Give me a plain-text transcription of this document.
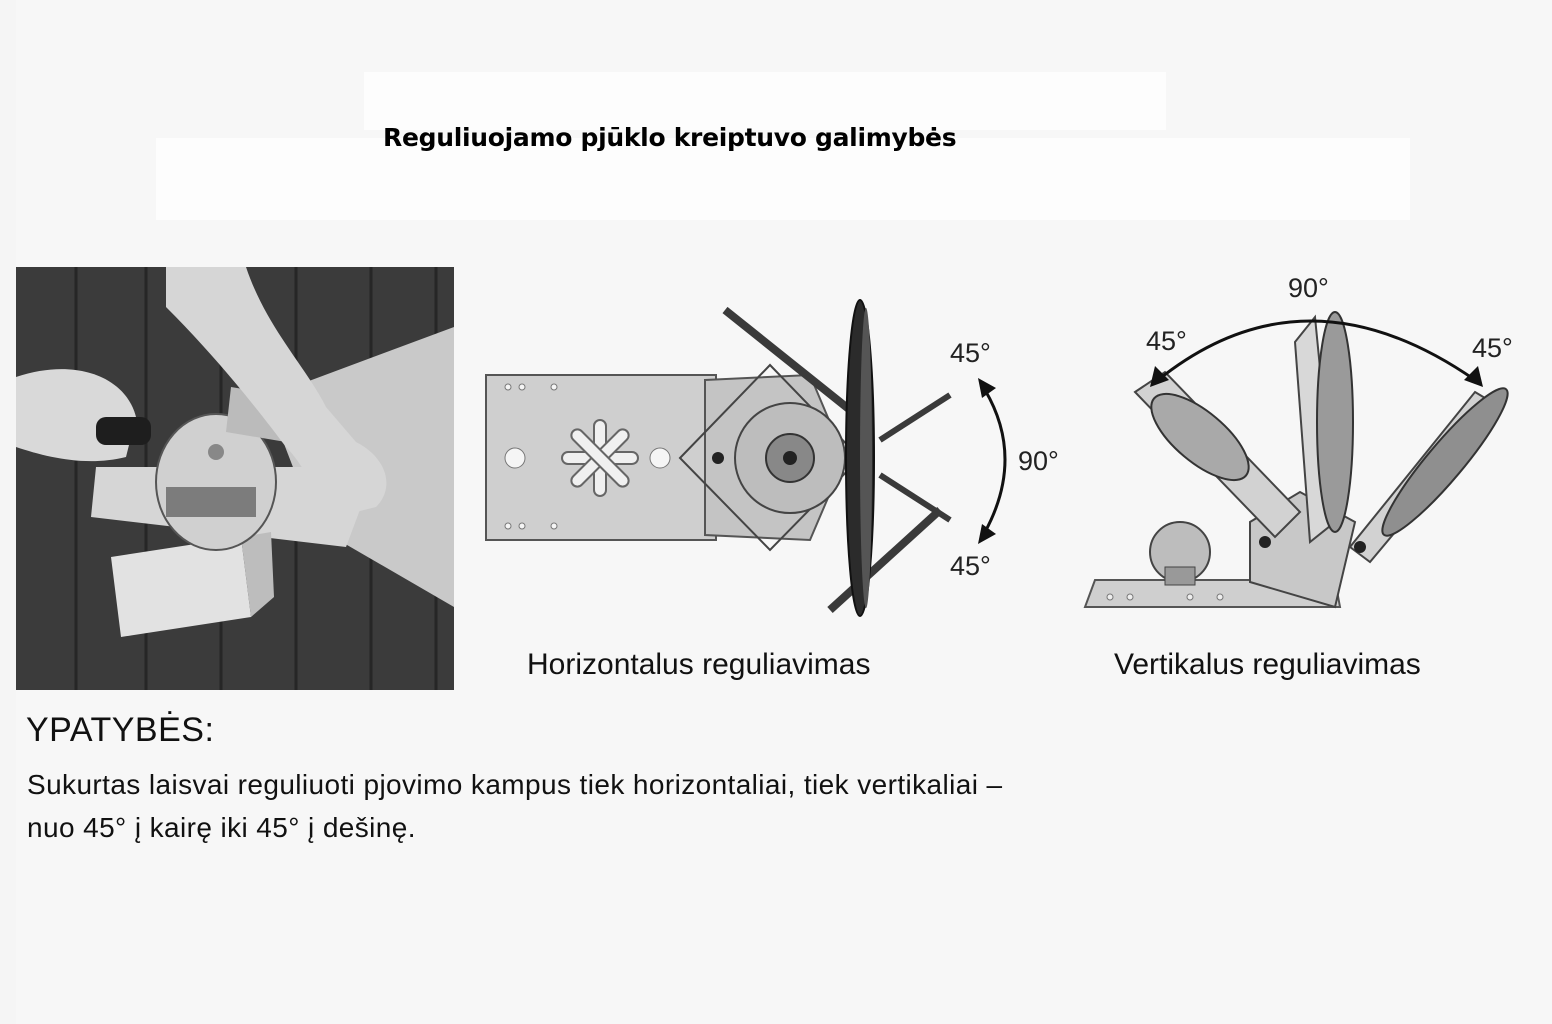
Reguliuojamo pjūklo kreiptuvo galimybės
45°
90°
45°
90°
45°	45°
Horizontalus reguliavimas	Vertikalus reguliavimas
YPATYBĖS:
Sukurtas laisvai reguliuoti pjovimo kampus tiek horizontaliai, tiek vertikaliai –
nuo 45° į kairę iki 45° į dešinę.
